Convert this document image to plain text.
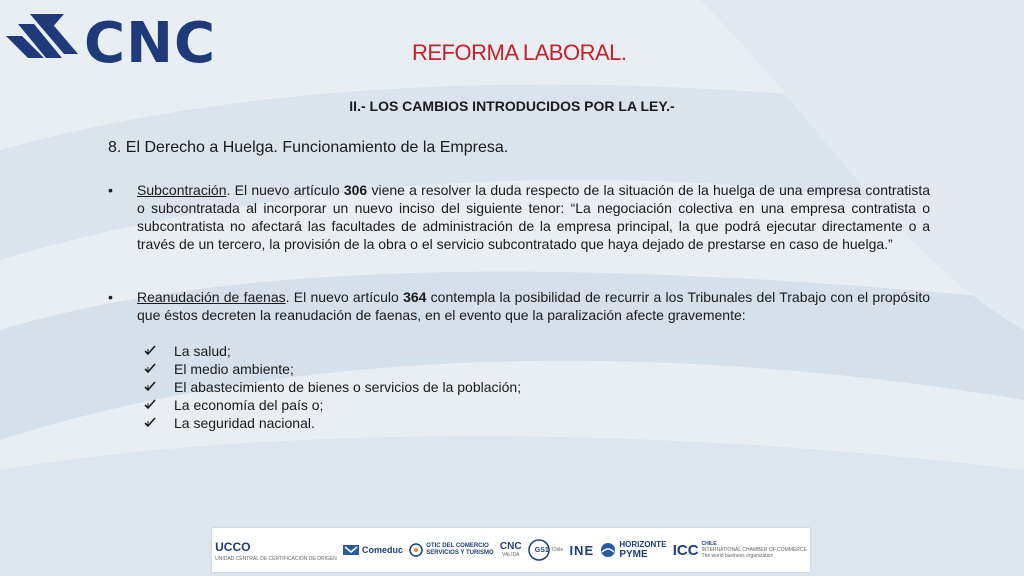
CNC	REFORMA LABORAL.
II.- LOS CAMBIOS INTRODUCIDOS POR LA LEY.-
8. El Derecho a Huelga. Funcionamiento de la Empresa.
• Subcontración. El nuevo artículo 306 viene a resolver la duda respecto de la situación de la huelga de una empresa contratista o subcontratada al incorporar un nuevo inciso del siguiente tenor: “La negociación colectiva en una empresa contratista o subcontratista no afectará las facultades de administración de la empresa principal, la que podrá ejecutar directamente o a través de un tercero, la provisión de la obra o el servicio subcontratado que haya dejado de prestarse en caso de huelga.”

• Reanudación de faenas. El nuevo artículo 364 contempla la posibilidad de recurrir a los Tribunales del Trabajo con el propósito que éstos decreten la reanudación de faenas, en el evento que la paralización afecte gravemente:

La salud;
El medio ambiente;
El abastecimiento de bienes o servicios de la población;
La economía del país o;
La seguridad nacional.
UCCO
UNIDAD CENTRAL DE CERTIFICACIÓN DE ORIGEN
Comeduc	OTIC DEL COMERCIO
SERVICIOS Y TURISMO
CNC
VALIDA
GS1 Chile INE	HORIZONTE
PYME	ICC CHILE
INTERNATIONAL CHAMBER OF COMMERCE
The world business organization
